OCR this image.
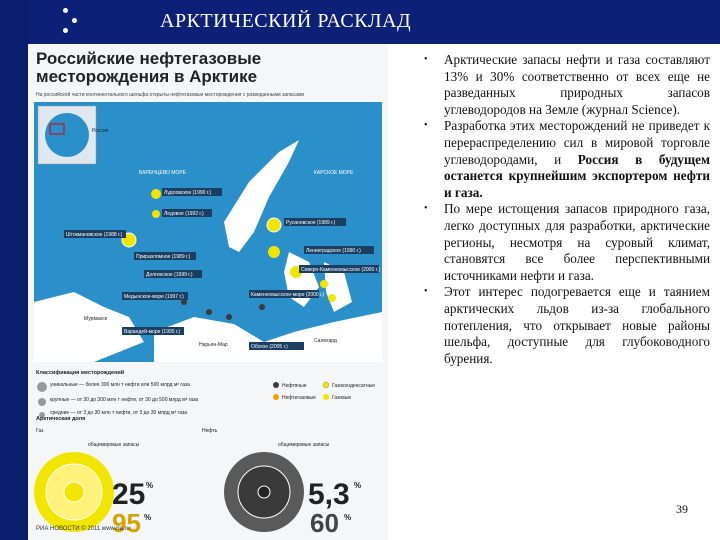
АРКТИЧЕСКИЙ РАСКЛАД
Российские нефтегазовые месторождения в Арктике
На российской части континентального шельфа открыты нефтегазовые месторождения с разведанными запасами
Россия
БАРЕНЦЕВО МОРЕ	КАРСКОЕ МОРЕ
Мурманск
Нарьян-Мар
Салехард
Лудловское (1990 г.)
Ледовое (1992 г.)
Штокмановское (1988 г.)
Приразломное (1989 г.)
Долгинское (1999 г.)
Медынское-море (1997 г.)
Варандей-море (1995 г.)
Русановское (1989 г.)
Ленинградское (1990 г.)
Северо-Каменномысское (2000 г.)
Каменномысское-море (2000 г.)
Обское (2005 г.)
Классификация месторождений
уникальные — более 300 млн т нефти или 500 млрд м³ газа
крупные — от 30 до 300 млн т нефти, от 30 до 500 млрд м³ газа
средние — от 3 до 30 млн т нефти, от 3 до 30 млрд м³ газа
Нефтяные	Газоконденсатные
Нефтегазовые	Газовые
Арктическая доля
Газ	Нефть
общемировые запасы	общемировые запасы
25 %
95 %
5,3 %
60 %
РИА НОВОСТИ © 2011 www.ria.ru

• Арктические запасы нефти и газа составляют 13% и 30% соответственно от всех еще не разведанных природных запасов углеводородов на Земле (журнал Science).

• Разработка этих месторождений не приведет к перераспределению сил в мировой торговле углеводородами, и Россия в будущем останется крупнейшим экспортером нефти и газа.

• По мере истощения запасов природного газа, легко доступных для разработки, арктические регионы, несмотря на суровый климат, становятся все более перспективными источниками нефти и газа.

• Этот интерес подогревается еще и таянием арктических льдов из-за глобального потепления, что открывает новые районы шельфа, доступные для глубоководного бурения.

39
